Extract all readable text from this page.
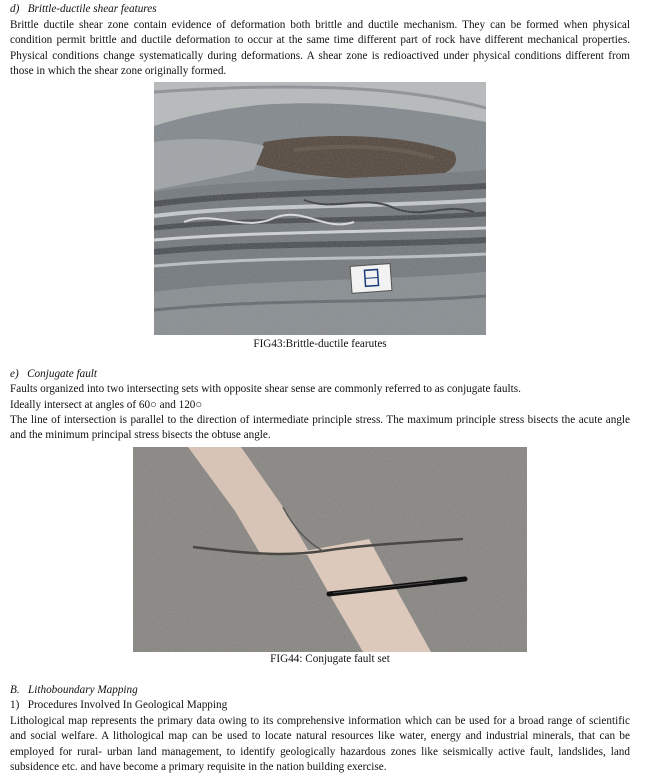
d) Brittle-ductile shear features
Brittle ductile shear zone contain evidence of deformation both brittle and ductile mechanism. They can be formed when physical condition permit brittle and ductile deformation to occur at the same time different part of rock have different mechanical properties. Physical conditions change systematically during deformations. A shear zone is redioactived under physical conditions different from those in which the shear zone originally formed.
FIG43:Brittle-ductile fearutes
e) Conjugate fault
Faults organized into two intersecting sets with opposite shear sense are commonly referred to as conjugate faults.
Ideally intersect at angles of 60○ and 120○
The line of intersection is parallel to the direction of intermediate principle stress. The maximum principle stress bisects the acute angle and the minimum principal stress bisects the obtuse angle.
FIG44: Conjugate fault set
B. Lithoboundary Mapping
1) Procedures Involved In Geological Mapping
Lithological map represents the primary data owing to its comprehensive information which can be used for a broad range of scientific and social welfare. A lithological map can be used to locate natural resources like water, energy and industrial minerals, that can be employed for rural- urban land management, to identify geologically hazardous zones like seismically active fault, landslides, land subsidence etc. and have become a primary requisite in the nation building exercise.
